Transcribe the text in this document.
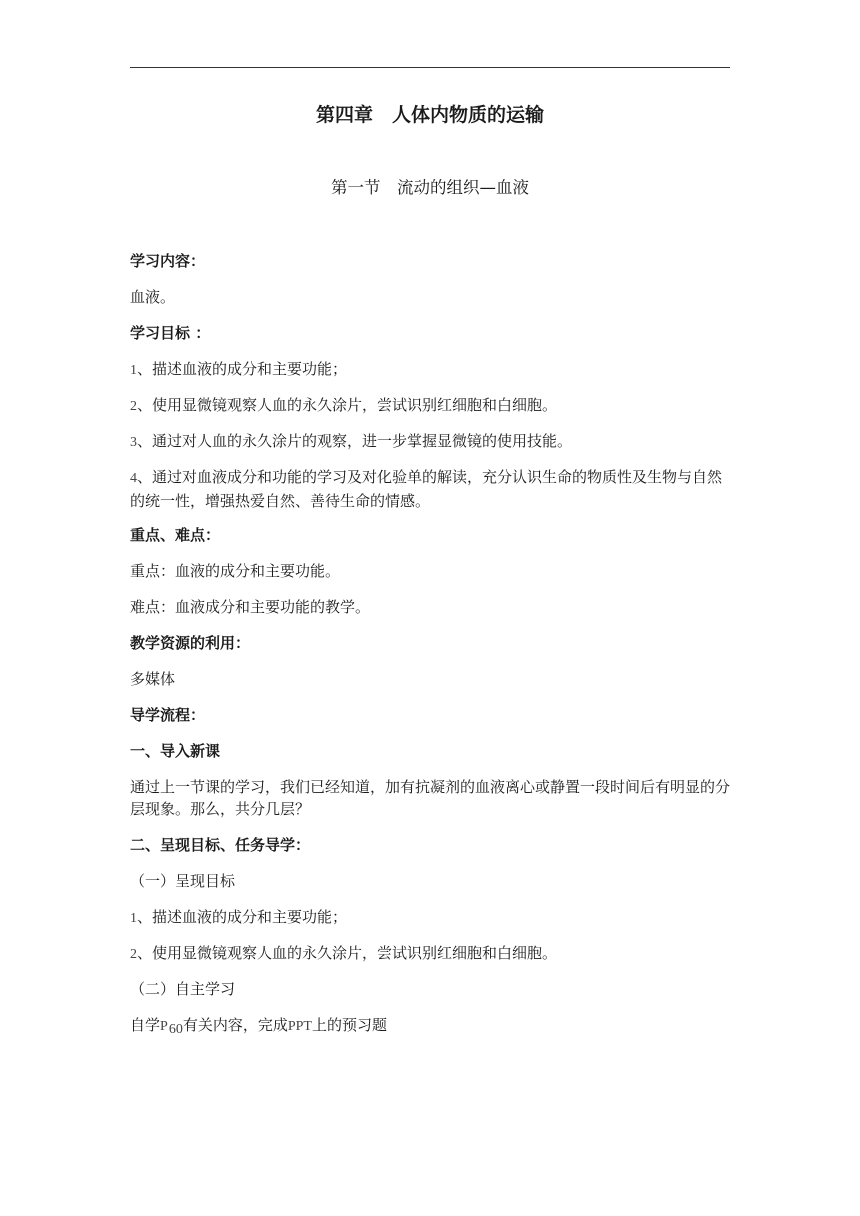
第四章　人体内物质的运输
第一节　流动的组织—血液
学习内容：
血液。
学习目标 ：
1、描述血液的成分和主要功能；
2、使用显微镜观察人血的永久涂片，尝试识别红细胞和白细胞。
3、通过对人血的永久涂片的观察，进一步掌握显微镜的使用技能。
4、通过对血液成分和功能的学习及对化验单的解读，充分认识生命的物质性及生物与自然的统一性，增强热爱自然、善待生命的情感。
重点、难点：
重点：血液的成分和主要功能。
难点：血液成分和主要功能的教学。
教学资源的利用：
多媒体
导学流程：
一、导入新课
通过上一节课的学习，我们已经知道，加有抗凝剂的血液离心或静置一段时间后有明显的分层现象。那么，共分几层？
二、呈现目标、任务导学：
（一）呈现目标
1、描述血液的成分和主要功能；
2、使用显微镜观察人血的永久涂片，尝试识别红细胞和白细胞。
（二）自主学习
自学P60有关内容，完成PPT上的预习题
